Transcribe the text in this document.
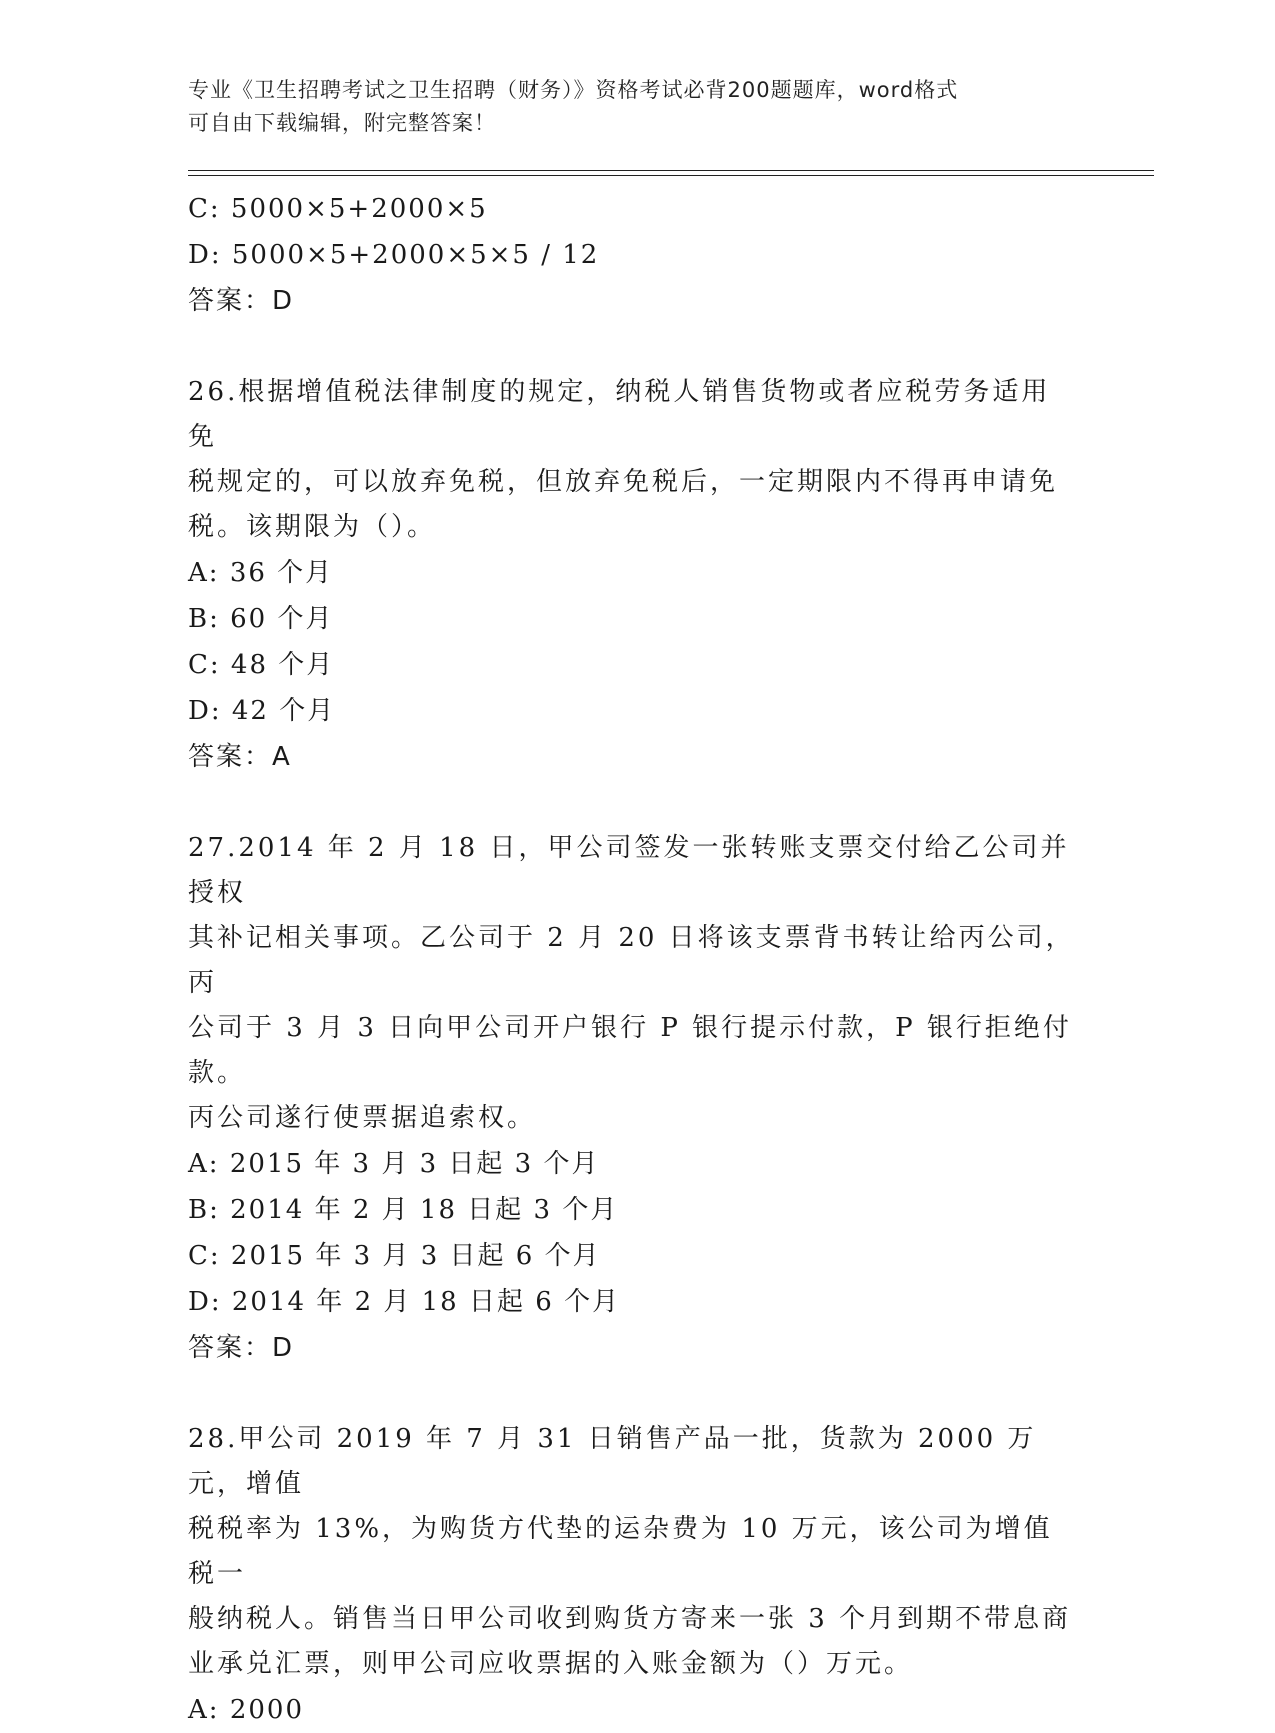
专业《卫生招聘考试之卫生招聘（财务）》资格考试必背200题题库，word格式
可自由下载编辑，附完整答案！
C: 5000×5+2000×5
D: 5000×5+2000×5×5 / 12
答案：D
26.根据增值税法律制度的规定，纳税人销售货物或者应税劳务适用免
税规定的，可以放弃免税，但放弃免税后，一定期限内不得再申请免
税。该期限为（）。
A: 36 个月
B: 60 个月
C: 48 个月
D: 42 个月
答案：A
27.2014 年 2 月 18 日，甲公司签发一张转账支票交付给乙公司并授权
其补记相关事项。乙公司于 2 月 20 日将该支票背书转让给丙公司，丙
公司于 3 月 3 日向甲公司开户银行 P 银行提示付款，P 银行拒绝付款。
丙公司遂行使票据追索权。
A: 2015 年 3 月 3 日起 3 个月
B: 2014 年 2 月 18 日起 3 个月
C: 2015 年 3 月 3 日起 6 个月
D: 2014 年 2 月 18 日起 6 个月
答案：D
28.甲公司 2019 年 7 月 31 日销售产品一批，货款为 2000 万元，增值
税税率为 13%，为购货方代垫的运杂费为 10 万元，该公司为增值税一
般纳税人。销售当日甲公司收到购货方寄来一张 3 个月到期不带息商
业承兑汇票，则甲公司应收票据的入账金额为（）万元。
A: 2000
